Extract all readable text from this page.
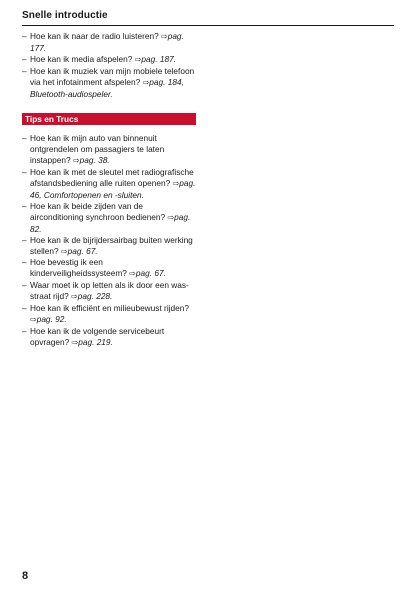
Snelle introductie
– Hoe kan ik naar de radio luisteren? ⇨pag. 177.
– Hoe kan ik media afspelen? ⇨pag. 187.
– Hoe kan ik muziek van mijn mobiele telefoon via het infotainment afspelen? ⇨pag. 184, Bluetooth-audiospeler.
Tips en Trucs
– Hoe kan ik mijn auto van binnenuit ontgrendelen om passagiers te laten instappen? ⇨pag. 38.
– Hoe kan ik met de sleutel met radiografische afstandsbediening alle ruiten openen? ⇨pag. 46, Comfortopenen en -sluiten.
– Hoe kan ik beide zijden van de airconditioning synchroon bedienen? ⇨pag. 82.
– Hoe kan ik de bijrijdersairbag buiten werking stellen? ⇨pag. 67.
– Hoe bevestig ik een kinderveiligheidssysteem? ⇨pag. 67.
– Waar moet ik op letten als ik door een wasstraat rijd? ⇨pag. 228.
– Hoe kan ik efficiënt en milieubewust rijden? ⇨pag. 92.
– Hoe kan ik de volgende servicebeurt opvragen? ⇨pag. 219.
8
